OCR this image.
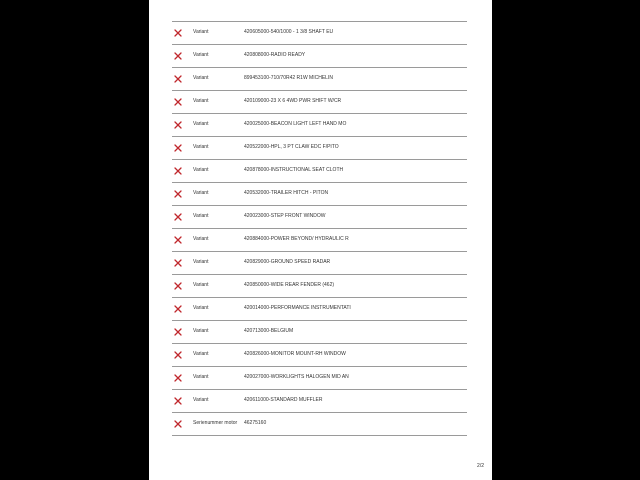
Variant	420605000-540/1000 - 1 3/8 SHAFT EU
Variant	420808000-RADIO READY
Variant	899453100-710/70R42 R1W MICHELIN
Variant	420109000-23 X 6 4WD PWR SHIFT W/CR
Variant	420025000-BEACON LIGHT LEFT HAND MO
Variant	420522000-HPL, 3 PT CLAW EDC F/PITO
Variant	420878000-INSTRUCTIONAL SEAT CLOTH
Variant	420532000-TRAILER HITCH - PITON
Variant	420023000-STEP FRONT WINDOW
Variant	420884000-POWER BEYOND/ HYDRAULIC R
Variant	420829000-GROUND SPEED RADAR
Variant	420850000-WIDE REAR FENDER (462)
Variant	420014000-PERFORMANCE INSTRUMENTATI
Variant	420713000-BELGIUM
Variant	420826000-MONITOR MOUNT-RH WINDOW
Variant	420027000-WORKLIGHTS HALOGEN MID AN
Variant	420611000-STANDARD MUFFLER
Serienummer motor 46275160
2/2
